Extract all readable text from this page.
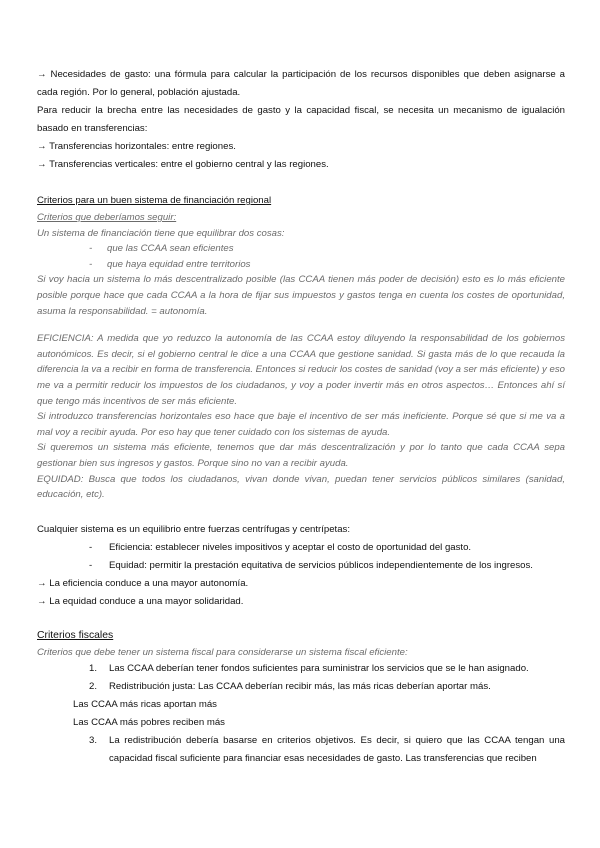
→ Necesidades de gasto: una fórmula para calcular la participación de los recursos disponibles que deben asignarse a cada región. Por lo general, población ajustada.

Para reducir la brecha entre las necesidades de gasto y la capacidad fiscal, se necesita un mecanismo de igualación basado en transferencias:

→ Transferencias horizontales: entre regiones.

→ Transferencias verticales: entre el gobierno central y las regiones.

Criterios para un buen sistema de financiación regional

Criterios que deberíamos seguir:

Un sistema de financiación tiene que equilibrar dos cosas:

- que las CCAA sean eficientes

- que haya equidad entre territorios

Si voy hacia un sistema lo más descentralizado posible (las CCAA tienen más poder de decisión) esto es lo más eficiente posible porque hace que cada CCAA a la hora de fijar sus impuestos y gastos tenga en cuenta los costes de oportunidad, asuma la responsabilidad. = autonomía.

EFICIENCIA: A medida que yo reduzco la autonomía de las CCAA estoy diluyendo la responsabilidad de los gobiernos autonómicos. Es decir, si el gobierno central le dice a una CCAA que gestione sanidad. Si gasta más de lo que recauda la diferencia la va a recibir en forma de transferencia. Entonces si reducir los costes de sanidad (voy a ser más eficiente) y eso me va a permitir reducir los impuestos de los ciudadanos, y voy a poder invertir más en otros aspectos… Entonces ahí sí que tengo más incentivos de ser más eficiente.

Si introduzco transferencias horizontales eso hace que baje el incentivo de ser más ineficiente. Porque sé que si me va a mal voy a recibir ayuda. Por eso hay que tener cuidado con los sistemas de ayuda.

Si queremos un sistema más eficiente, tenemos que dar más descentralización y por lo tanto que cada CCAA sepa gestionar bien sus ingresos y gastos. Porque sino no van a recibir ayuda.

EQUIDAD: Busca que todos los ciudadanos, vivan donde vivan, puedan tener servicios públicos similares (sanidad, educación, etc).

Cualquier sistema es un equilibrio entre fuerzas centrífugas y centrípetas:

- Eficiencia: establecer niveles impositivos y aceptar el costo de oportunidad del gasto.

- Equidad: permitir la prestación equitativa de servicios públicos independientemente de los ingresos.

→ La eficiencia conduce a una mayor autonomía.

→ La equidad conduce a una mayor solidaridad.

Criterios fiscales

Criterios que debe tener un sistema fiscal para considerarse un sistema fiscal eficiente:

1. Las CCAA deberían tener fondos suficientes para suministrar los servicios que se le han asignado.

2. Redistribución justa: Las CCAA deberían recibir más, las más ricas deberían aportar más.

Las CCAA más ricas aportan más

Las CCAA más pobres reciben más

3. La redistribución debería basarse en criterios objetivos. Es decir, si quiero que las CCAA tengan una capacidad fiscal suficiente para financiar esas necesidades de gasto. Las transferencias que reciben
